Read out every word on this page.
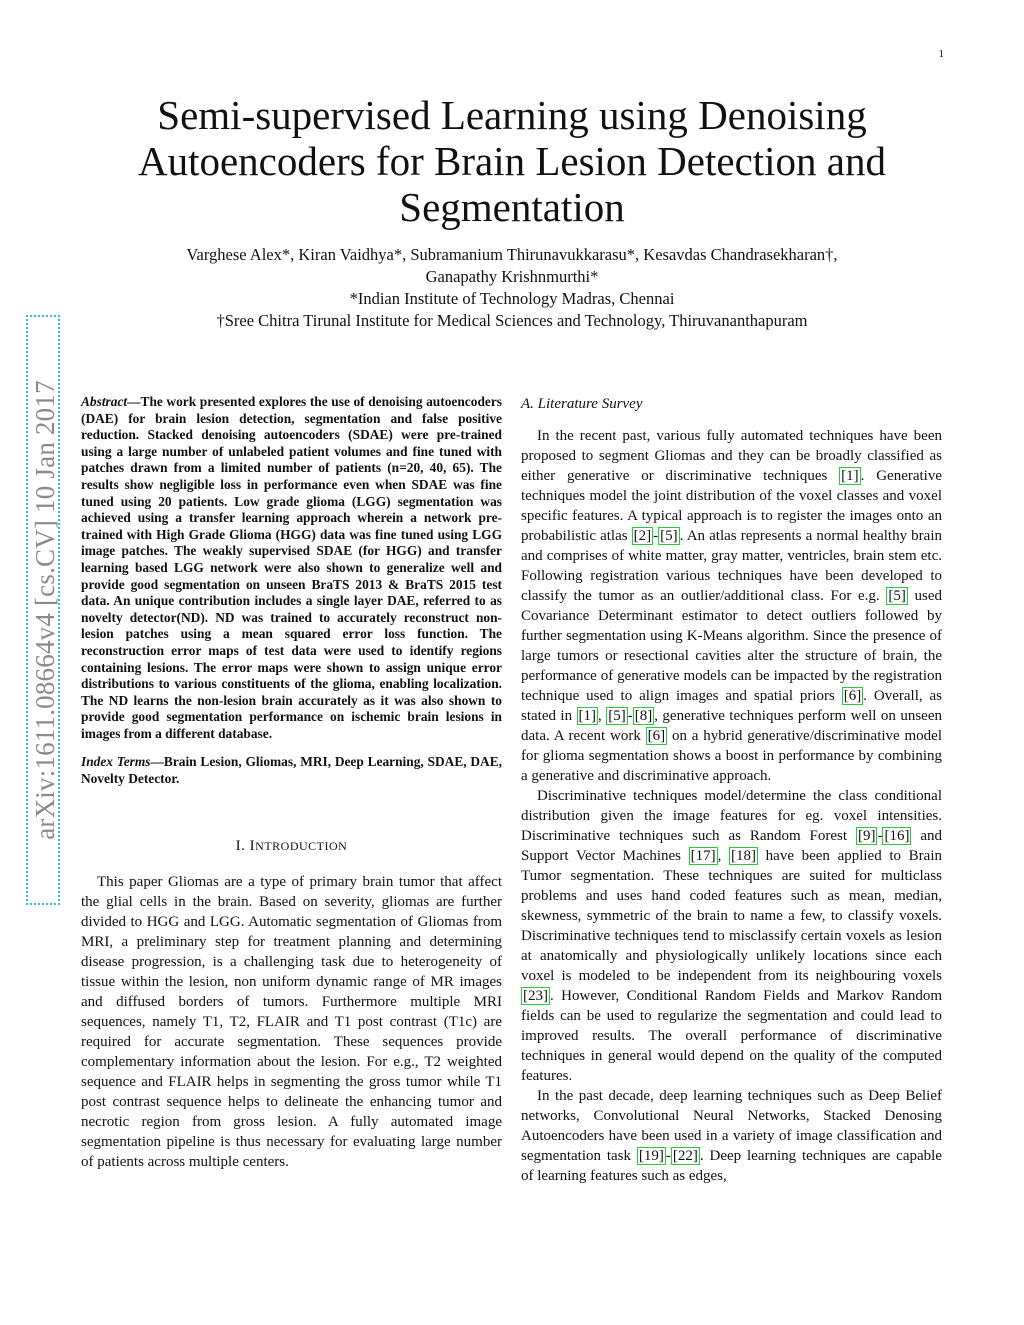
1
arXiv:1611.08664v4 [cs.CV] 10 Jan 2017
Semi-supervised Learning using Denoising Autoencoders for Brain Lesion Detection and Segmentation
Varghese Alex*, Kiran Vaidhya*, Subramanium Thirunavukkarasu*, Kesavdas Chandrasekharan†,
Ganapathy Krishnmurthi*
*Indian Institute of Technology Madras, Chennai
†Sree Chitra Tirunal Institute for Medical Sciences and Technology, Thiruvananthapuram

Abstract—The work presented explores the use of denoising autoencoders (DAE) for brain lesion detection, segmentation and false positive reduction. Stacked denoising autoencoders (SDAE) were pre-trained using a large number of unlabeled patient volumes and fine tuned with patches drawn from a limited number of patients (n=20, 40, 65). The results show negligible loss in performance even when SDAE was fine tuned using 20 patients. Low grade glioma (LGG) segmentation was achieved using a transfer learning approach wherein a network pre-trained with High Grade Glioma (HGG) data was fine tuned using LGG image patches. The weakly supervised SDAE (for HGG) and transfer learning based LGG network were also shown to generalize well and provide good segmentation on unseen BraTS 2013 & BraTS 2015 test data. An unique contribution includes a single layer DAE, referred to as novelty detector(ND). ND was trained to accurately reconstruct non-lesion patches using a mean squared error loss function. The reconstruction error maps of test data were used to identify regions containing lesions. The error maps were shown to assign unique error distributions to various constituents of the glioma, enabling localization. The ND learns the non-lesion brain accurately as it was also shown to provide good segmentation performance on ischemic brain lesions in images from a different database.

Index Terms—Brain Lesion, Gliomas, MRI, Deep Learning, SDAE, DAE, Novelty Detector.

I. INTRODUCTION

This paper Gliomas are a type of primary brain tumor that affect the glial cells in the brain. Based on severity, gliomas are further divided to HGG and LGG. Automatic segmentation of Gliomas from MRI, a preliminary step for treatment planning and determining disease progression, is a challenging task due to heterogeneity of tissue within the lesion, non uniform dynamic range of MR images and diffused borders of tumors. Furthermore multiple MRI sequences, namely T1, T2, FLAIR and T1 post contrast (T1c) are required for accurate segmentation. These sequences provide complementary information about the lesion. For e.g., T2 weighted sequence and FLAIR helps in segmenting the gross tumor while T1 post contrast sequence helps to delineate the enhancing tumor and necrotic region from gross lesion. A fully automated image segmentation pipeline is thus necessary for evaluating large number of patients across multiple centers.

A. Literature Survey

In the recent past, various fully automated techniques have been proposed to segment Gliomas and they can be broadly classified as either generative or discriminative techniques [1] . Generative techniques model the joint distribution of the voxel classes and voxel specific features. A typical approach is to register the images onto an probabilistic atlas [2] - [5] . An atlas represents a normal healthy brain and comprises of white matter, gray matter, ventricles, brain stem etc. Following registration various techniques have been developed to classify the tumor as an outlier/additional class. For e.g. [5] used Covariance Determinant estimator to detect outliers followed by further segmentation using K-Means algorithm. Since the presence of large tumors or resectional cavities alter the structure of brain, the performance of generative models can be impacted by the registration technique used to align images and spatial priors [6] . Overall, as stated in [1] , [5] - [8] , generative techniques perform well on unseen data. A recent work [6] on a hybrid generative/discriminative model for glioma segmentation shows a boost in performance by combining a generative and discriminative approach.

Discriminative techniques model/determine the class conditional distribution given the image features for eg. voxel intensities. Discriminative techniques such as Random Forest [9] - [16] and Support Vector Machines [17] , [18] have been applied to Brain Tumor segmentation. These techniques are suited for multiclass problems and uses hand coded features such as mean, median, skewness, symmetric of the brain to name a few, to classify voxels. Discriminative techniques tend to misclassify certain voxels as lesion at anatomically and physiologically unlikely locations since each voxel is modeled to be independent from its neighbouring voxels [23] . However, Conditional Random Fields and Markov Random fields can be used to regularize the segmentation and could lead to improved results. The overall performance of discriminative techniques in general would depend on the quality of the computed features.

In the past decade, deep learning techniques such as Deep Belief networks, Convolutional Neural Networks, Stacked Denosing Autoencoders have been used in a variety of image classification and segmentation task [19] - [22] . Deep learning techniques are capable of learning features such as edges,
